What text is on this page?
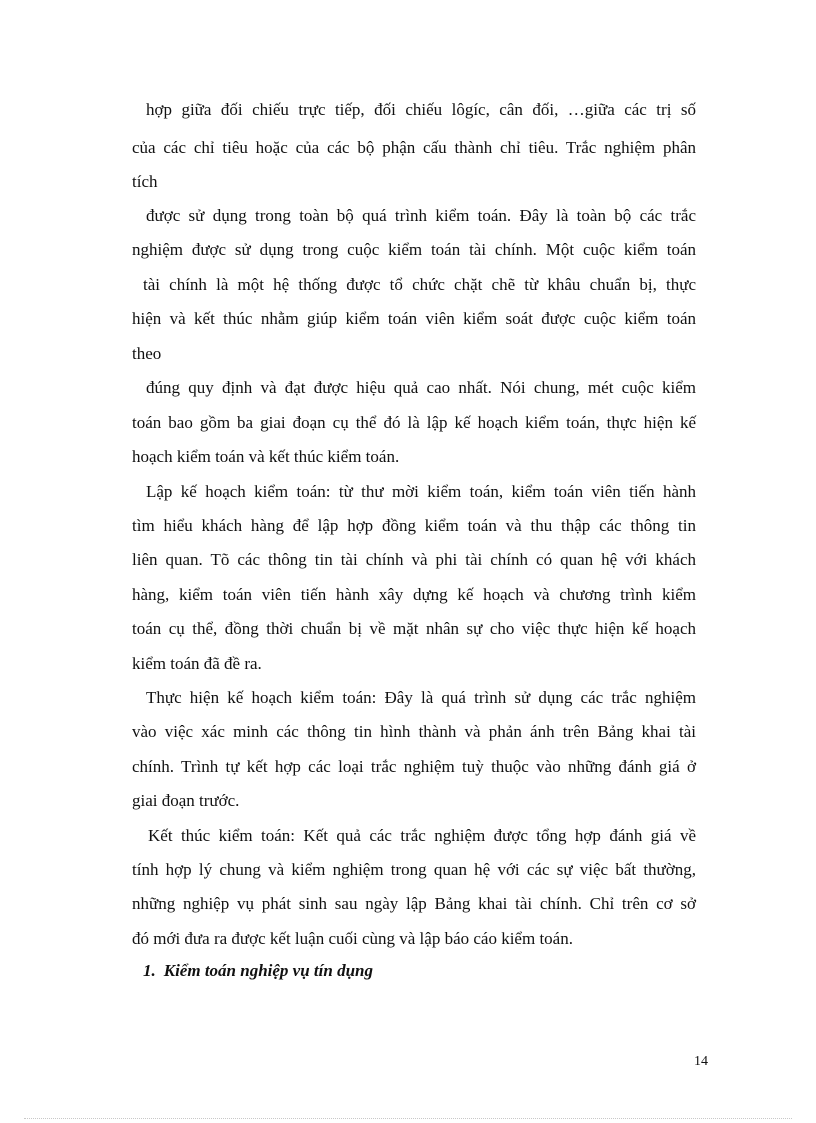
hợp giữa đối chiếu trực tiếp, đối chiếu lôgíc, cân đối, …giữa các trị số

của các chỉ tiêu hoặc của các bộ phận cấu thành chỉ tiêu. Trắc nghiệm phân

tích

được sử dụng trong toàn bộ quá trình kiểm toán. Đây là toàn bộ các trắc

nghiệm được sử dụng trong cuộc kiểm toán tài chính. Một cuộc kiểm toán

tài chính là một hệ thống được tổ chức chặt chẽ từ khâu chuẩn bị, thực

hiện và kết thúc nhằm giúp kiểm toán viên kiểm soát được cuộc kiểm toán

theo

đúng quy định và đạt được hiệu quả cao nhất. Nói chung, mét cuộc kiểm

toán bao gồm ba giai đoạn cụ thể đó là lập kế hoạch kiểm toán, thực hiện kế

hoạch kiểm toán và kết thúc kiểm toán.

Lập kế hoạch kiểm toán: từ thư mời kiểm toán, kiểm toán viên tiến hành

tìm hiểu khách hàng để lập hợp đồng kiểm toán và thu thập các thông tin

liên quan. Tõ các thông tin tài chính và phi tài chính có quan hệ với khách

hàng, kiểm toán viên tiến hành xây dựng kế hoạch và chương trình kiểm

toán cụ thể, đồng thời chuẩn bị về mặt nhân sự cho việc thực hiện kế hoạch

kiểm toán đã đề ra.

Thực hiện kế hoạch kiểm toán: Đây là quá trình sử dụng các trắc nghiệm

vào việc xác minh các thông tin hình thành và phản ánh trên Bảng khai tài

chính. Trình tự kết hợp các loại trắc nghiệm tuỳ thuộc vào những đánh giá ở

giai đoạn trước.

Kết thúc kiểm toán: Kết quả các trắc nghiệm được tổng hợp đánh giá về

tính hợp lý chung và kiểm nghiệm trong quan hệ với các sự việc bất thường,

những nghiệp vụ phát sinh sau ngày lập Bảng khai tài chính. Chỉ trên cơ sở

đó mới đưa ra được kết luận cuối cùng và lập báo cáo kiểm toán.

1. Kiểm toán nghiệp vụ tín dụng
14
